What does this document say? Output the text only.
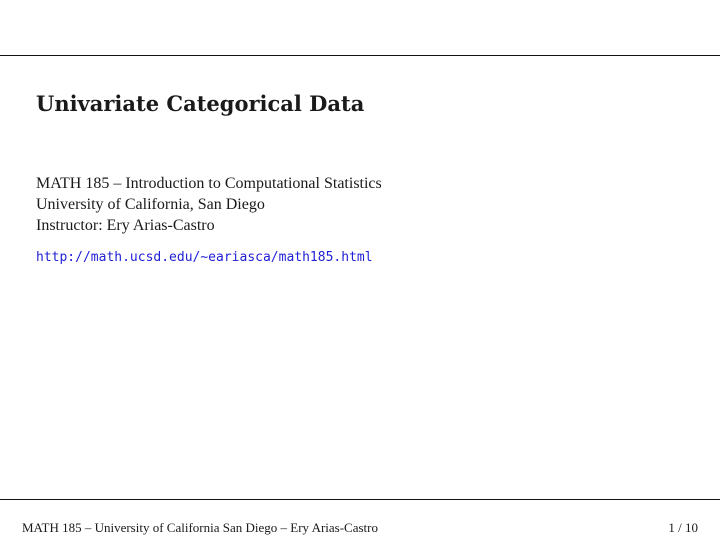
Univariate Categorical Data
MATH 185 – Introduction to Computational Statistics
University of California, San Diego
Instructor: Ery Arias-Castro
http://math.ucsd.edu/∼eariasca/math185.html
MATH 185 – University of California San Diego – Ery Arias-Castro	1 / 10
